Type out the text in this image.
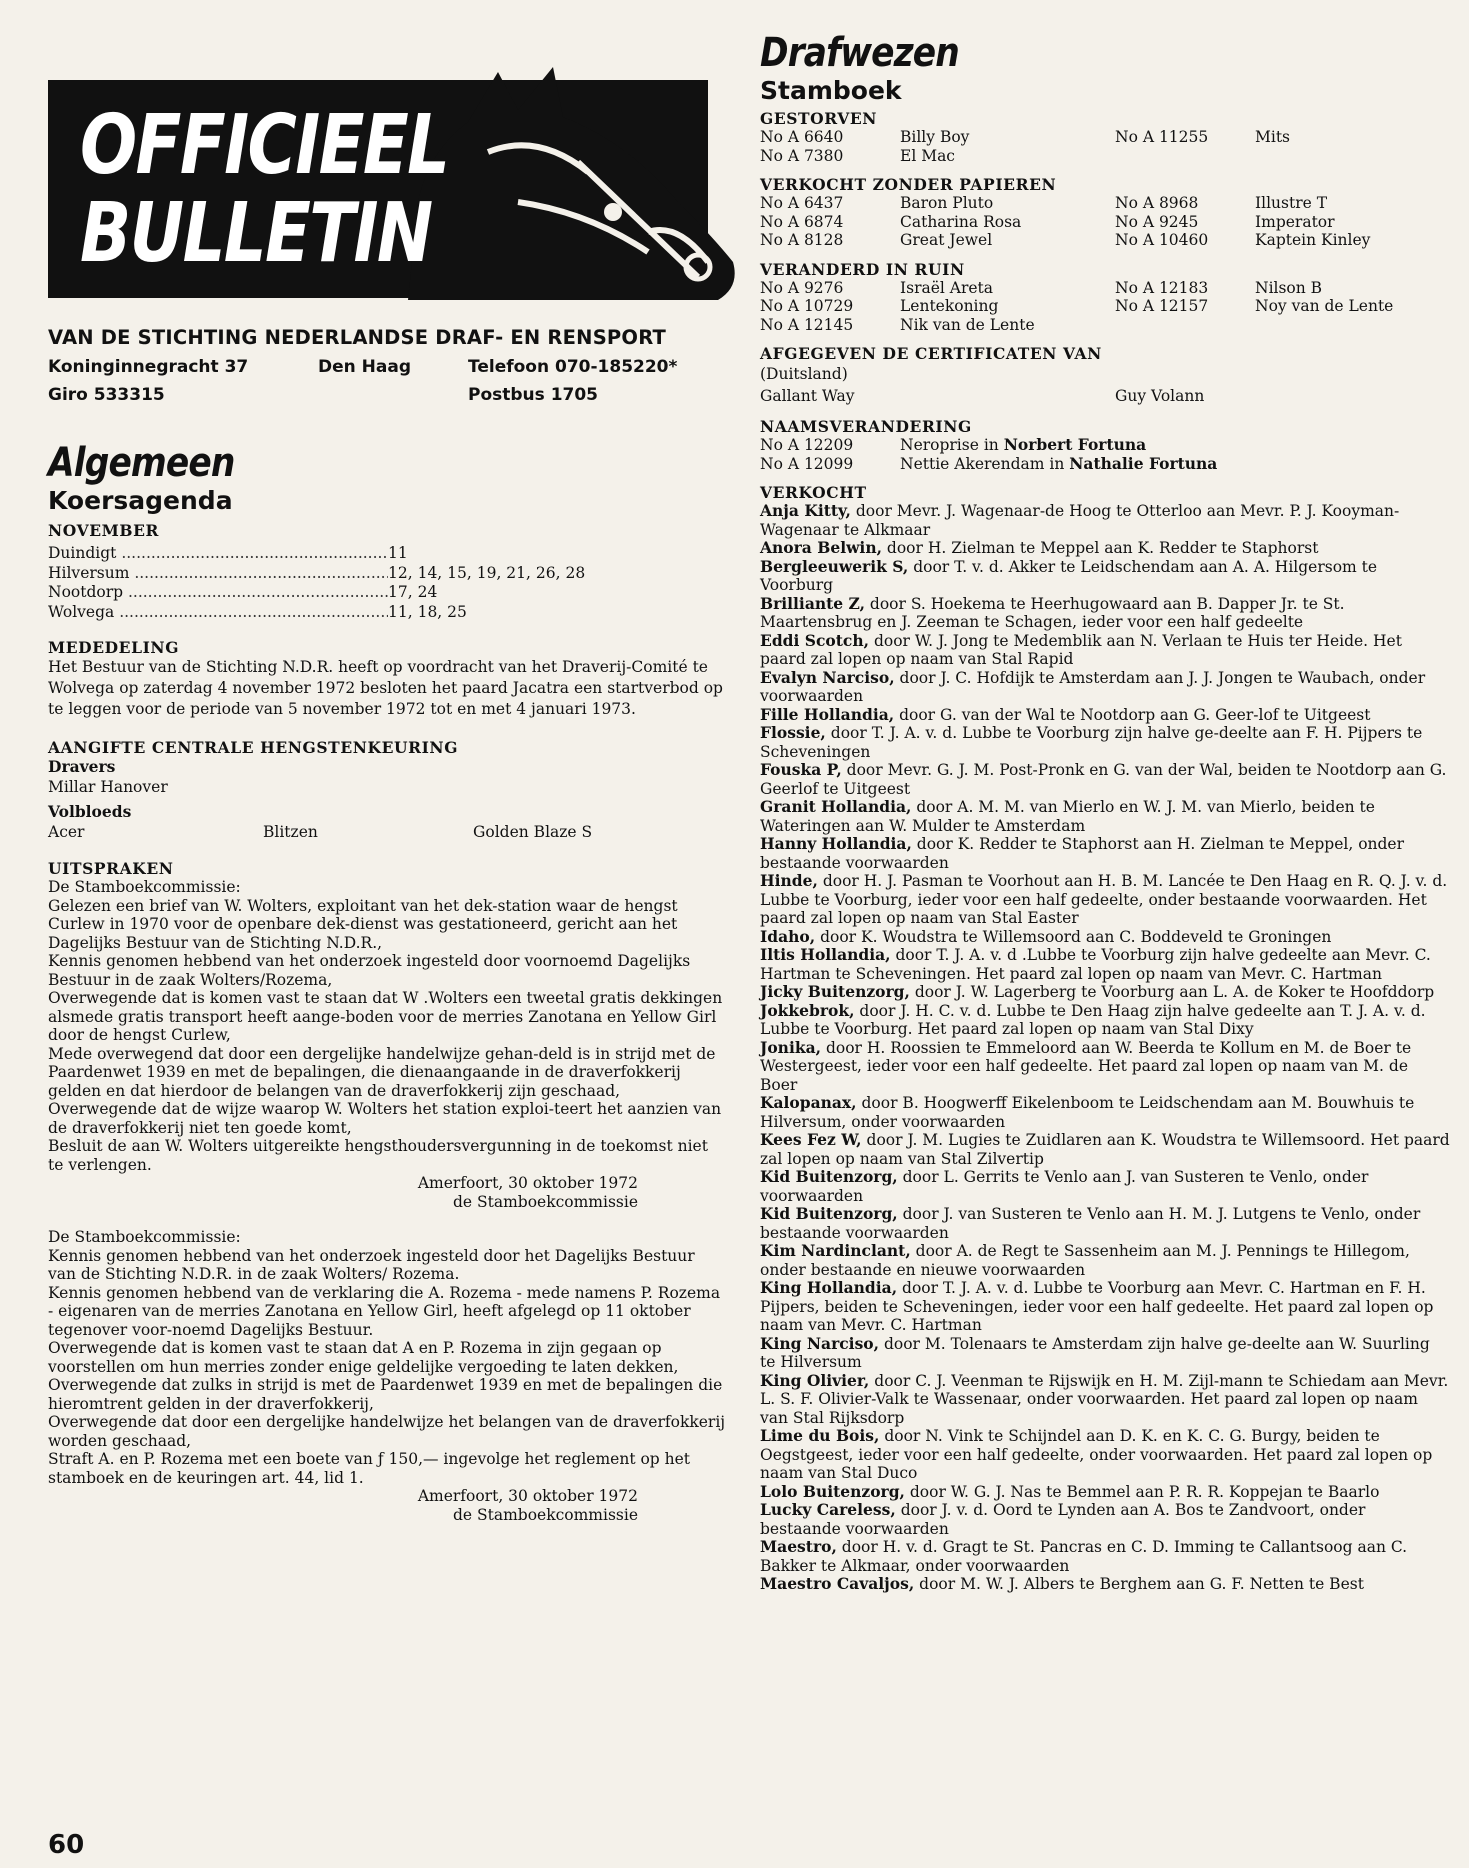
OFFICIEEL
BULLETIN
VAN DE STICHTING NEDERLANDSE DRAF- EN RENSPORT
Koninginnegracht 37	Den Haag	Telefoon 070-185220*
Giro 533315	Postbus 1705
Algemeen
Koersagenda
NOVEMBER
Duindigt .....	11
Hilversum .....	12, 14, 15, 19, 21, 26, 28
Nootdorp .....	17, 24
Wolvega .....	11, 18, 25
MEDEDELING
Het Bestuur van de Stichting N.D.R. heeft op voordracht van het Draverij-Comité te Wolvega op zaterdag 4 november 1972 besloten het paard Jacatra een startverbod op te leggen voor de periode van 5 november 1972 tot en met 4 januari 1973.
AANGIFTE CENTRALE HENGSTENKEURING
Dravers
Millar Hanover
Volbloeds
Acer	Blitzen	Golden Blaze S
UITSPRAKEN
De Stamboekcommissie:
Gelezen een brief van W. Wolters, exploitant van het dek-station waar de hengst Curlew in 1970 voor de openbare dek-dienst was gestationeerd, gericht aan het Dagelijks Bestuur van de Stichting N.D.R.,
Kennis genomen hebbend van het onderzoek ingesteld door voornoemd Dagelijks Bestuur in de zaak Wolters/Rozema,
Overwegende dat is komen vast te staan dat W .Wolters een tweetal gratis dekkingen alsmede gratis transport heeft aange-boden voor de merries Zanotana en Yellow Girl door de hengst Curlew,
Mede overwegend dat door een dergelijke handelwijze gehan-deld is in strijd met de Paardenwet 1939 en met de bepalingen, die dienaangaande in de draverfokkerij gelden en dat hierdoor de belangen van de draverfokkerij zijn geschaad,
Overwegende dat de wijze waarop W. Wolters het station exploi-teert het aanzien van de draverfokkerij niet ten goede komt,
Besluit de aan W. Wolters uitgereikte hengsthoudersvergunning in de toekomst niet te verlengen.
Amerfoort, 30 oktober 1972
de Stamboekcommissie
De Stamboekcommissie:
Kennis genomen hebbend van het onderzoek ingesteld door het Dagelijks Bestuur van de Stichting N.D.R. in de zaak Wolters/ Rozema.
Kennis genomen hebbend van de verklaring die A. Rozema - mede namens P. Rozema - eigenaren van de merries Zanotana en Yellow Girl, heeft afgelegd op 11 oktober tegenover voor-noemd Dagelijks Bestuur.
Overwegende dat is komen vast te staan dat A en P. Rozema in zijn gegaan op voorstellen om hun merries zonder enige geldelijke vergoeding te laten dekken,
Overwegende dat zulks in strijd is met de Paardenwet 1939 en met de bepalingen die hieromtrent gelden in der draverfokkerij,
Overwegende dat door een dergelijke handelwijze het belangen van de draverfokkerij worden geschaad,
Straft A. en P. Rozema met een boete van ƒ 150,— ingevolge het reglement op het stamboek en de keuringen art. 44, lid 1.
Amerfoort, 30 oktober 1972
de Stamboekcommissie
60
Drafwezen
Stamboek
GESTORVEN
No A 6640	Billy Boy	No A 11255	Mits
No A 7380	El Mac
VERKOCHT ZONDER PAPIEREN
No A 6437	Baron Pluto	No A 8968	Illustre T
No A 6874	Catharina Rosa	No A 9245	Imperator
No A 8128	Great Jewel	No A 10460	Kaptein Kinley
VERANDERD IN RUIN
No A 9276	Israël Areta	No A 12183	Nilson B
No A 10729	Lentekoning	No A 12157	Noy van de Lente
No A 12145	Nik van de Lente
AFGEGEVEN DE CERTIFICATEN VAN
(Duitsland)
Gallant Way	Guy Volann
NAAMSVERANDERING
No A 12209	Neroprise in Norbert Fortuna
No A 12099	Nettie Akerendam in Nathalie Fortuna
VERKOCHT
Anja Kitty, door Mevr. J. Wagenaar-de Hoog te Otterloo aan Mevr. P. J. Kooyman-Wagenaar te Alkmaar
Anora Belwin, door H. Zielman te Meppel aan K. Redder te Staphorst
Bergleeuwerik S, door T. v. d. Akker te Leidschendam aan A. A. Hilgersom te Voorburg
Brilliante Z, door S. Hoekema te Heerhugowaard aan B. Dapper Jr. te St. Maartensbrug en J. Zeeman te Schagen, ieder voor een half gedeelte
Eddi Scotch, door W. J. Jong te Medemblik aan N. Verlaan te Huis ter Heide. Het paard zal lopen op naam van Stal Rapid
Evalyn Narciso, door J. C. Hofdijk te Amsterdam aan J. J. Jongen te Waubach, onder voorwaarden
Fille Hollandia, door G. van der Wal te Nootdorp aan G. Geer-lof te Uitgeest
Flossie, door T. J. A. v. d. Lubbe te Voorburg zijn halve ge-deelte aan F. H. Pijpers te Scheveningen
Fouska P, door Mevr. G. J. M. Post-Pronk en G. van der Wal, beiden te Nootdorp aan G. Geerlof te Uitgeest
Granit Hollandia, door A. M. M. van Mierlo en W. J. M. van Mierlo, beiden te Wateringen aan W. Mulder te Amsterdam
Hanny Hollandia, door K. Redder te Staphorst aan H. Zielman te Meppel, onder bestaande voorwaarden
Hinde, door H. J. Pasman te Voorhout aan H. B. M. Lancée te Den Haag en R. Q. J. v. d. Lubbe te Voorburg, ieder voor een half gedeelte, onder bestaande voorwaarden. Het paard zal lopen op naam van Stal Easter
Idaho, door K. Woudstra te Willemsoord aan C. Boddeveld te Groningen
Iltis Hollandia, door T. J. A. v. d .Lubbe te Voorburg zijn halve gedeelte aan Mevr. C. Hartman te Scheveningen. Het paard zal lopen op naam van Mevr. C. Hartman
Jicky Buitenzorg, door J. W. Lagerberg te Voorburg aan L. A. de Koker te Hoofddorp
Jokkebrok, door J. H. C. v. d. Lubbe te Den Haag zijn halve gedeelte aan T. J. A. v. d. Lubbe te Voorburg. Het paard zal lopen op naam van Stal Dixy
Jonika, door H. Roossien te Emmeloord aan W. Beerda te Kollum en M. de Boer te Westergeest, ieder voor een half gedeelte. Het paard zal lopen op naam van M. de Boer
Kalopanax, door B. Hoogwerff Eikelenboom te Leidschendam aan M. Bouwhuis te Hilversum, onder voorwaarden
Kees Fez W, door J. M. Lugies te Zuidlaren aan K. Woudstra te Willemsoord. Het paard zal lopen op naam van Stal Zilvertip
Kid Buitenzorg, door L. Gerrits te Venlo aan J. van Susteren te Venlo, onder voorwaarden
Kid Buitenzorg, door J. van Susteren te Venlo aan H. M. J. Lutgens te Venlo, onder bestaande voorwaarden
Kim Nardinclant, door A. de Regt te Sassenheim aan M. J. Pennings te Hillegom, onder bestaande en nieuwe voorwaarden
King Hollandia, door T. J. A. v. d. Lubbe te Voorburg aan Mevr. C. Hartman en F. H. Pijpers, beiden te Scheveningen, ieder voor een half gedeelte. Het paard zal lopen op naam van Mevr. C. Hartman
King Narciso, door M. Tolenaars te Amsterdam zijn halve ge-deelte aan W. Suurling te Hilversum
King Olivier, door C. J. Veenman te Rijswijk en H. M. Zijl-mann te Schiedam aan Mevr. L. S. F. Olivier-Valk te Wassenaar, onder voorwaarden. Het paard zal lopen op naam van Stal Rijksdorp
Lime du Bois, door N. Vink te Schijndel aan D. K. en K. C. G. Burgy, beiden te Oegstgeest, ieder voor een half gedeelte, onder voorwaarden. Het paard zal lopen op naam van Stal Duco
Lolo Buitenzorg, door W. G. J. Nas te Bemmel aan P. R. R. Koppejan te Baarlo
Lucky Careless, door J. v. d. Oord te Lynden aan A. Bos te Zandvoort, onder bestaande voorwaarden
Maestro, door H. v. d. Gragt te St. Pancras en C. D. Imming te Callantsoog aan C. Bakker te Alkmaar, onder voorwaarden
Maestro Cavaljos, door M. W. J. Albers te Berghem aan G. F. Netten te Best
